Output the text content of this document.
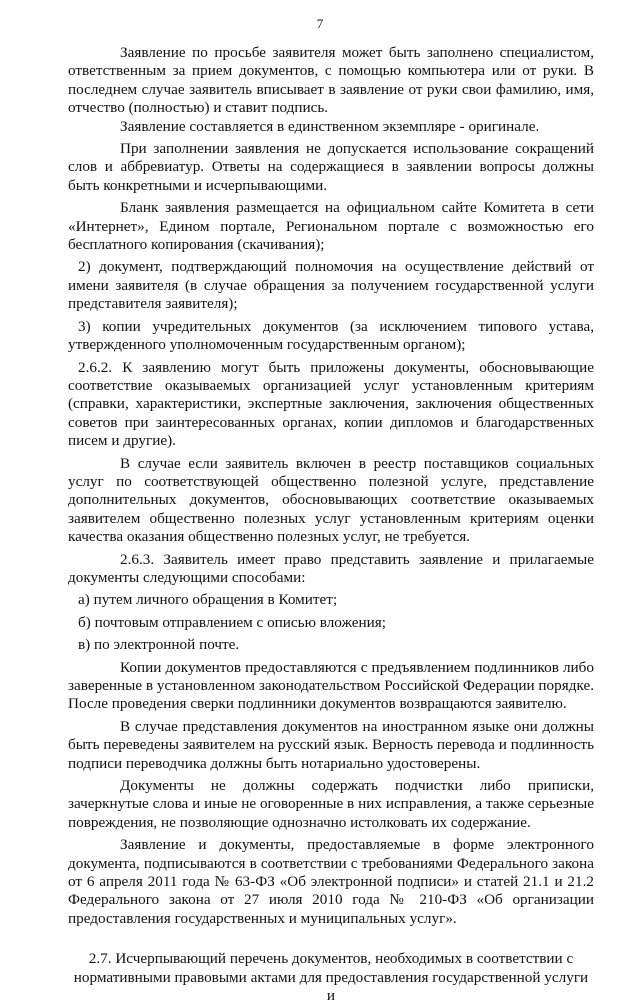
7

Заявление по просьбе заявителя может быть заполнено специалистом, ответственным за прием документов, с помощью компьютера или от руки. В последнем случае заявитель вписывает в заявление от руки свои фамилию, имя, отчество (полностью) и ставит подпись.

Заявление составляется в единственном экземпляре - оригинале.

При заполнении заявления не допускается использование сокращений слов и аббревиатур. Ответы на содержащиеся в заявлении вопросы должны быть конкретными и исчерпывающими.

Бланк заявления размещается на официальном сайте Комитета в сети «Интернет», Едином портале, Региональном портале с возможностью его бесплатного копирования (скачивания);

2) документ, подтверждающий полномочия на осуществление действий от имени заявителя (в случае обращения за получением государственной услуги представителя заявителя);

3) копии учредительных документов (за исключением типового устава, утвержденного уполномоченным государственным органом);

2.6.2. К заявлению могут быть приложены документы, обосновывающие соответствие оказываемых организацией услуг установленным критериям (справки, характеристики, экспертные заключения, заключения общественных советов при заинтересованных органах, копии дипломов и благодарственных писем и другие).

В случае если заявитель включен в реестр поставщиков социальных услуг по соответствующей общественно полезной услуге, представление дополнительных документов, обосновывающих соответствие оказываемых заявителем общественно полезных услуг установленным критериям оценки качества оказания общественно полезных услуг, не требуется.

2.6.3. Заявитель имеет право представить заявление и прилагаемые документы следующими способами:

а) путем личного обращения в Комитет;

б) почтовым отправлением с описью вложения;

в) по электронной почте.

Копии документов предоставляются с предъявлением подлинников либо заверенные в установленном законодательством Российской Федерации порядке. После проведения сверки подлинники документов возвращаются заявителю.

В случае представления документов на иностранном языке они должны быть переведены заявителем на русский язык. Верность перевода и подлинность подписи переводчика должны быть нотариально удостоверены.

Документы не должны содержать подчистки либо приписки, зачеркнутые слова и иные не оговоренные в них исправления, а также серьезные повреждения, не позволяющие однозначно истолковать их содержание.

Заявление и документы, предоставляемые в форме электронного документа, подписываются в соответствии с требованиями Федерального закона от 6 апреля 2011 года № 63-ФЗ «Об электронной подписи» и статей 21.1 и 21.2 Федерального закона от 27 июля 2010 года № 210-ФЗ «Об организации предоставления государственных и муниципальных услуг».

2.7. Исчерпывающий перечень документов, необходимых в соответствии с нормативными правовыми актами для предоставления государственной услуги и
